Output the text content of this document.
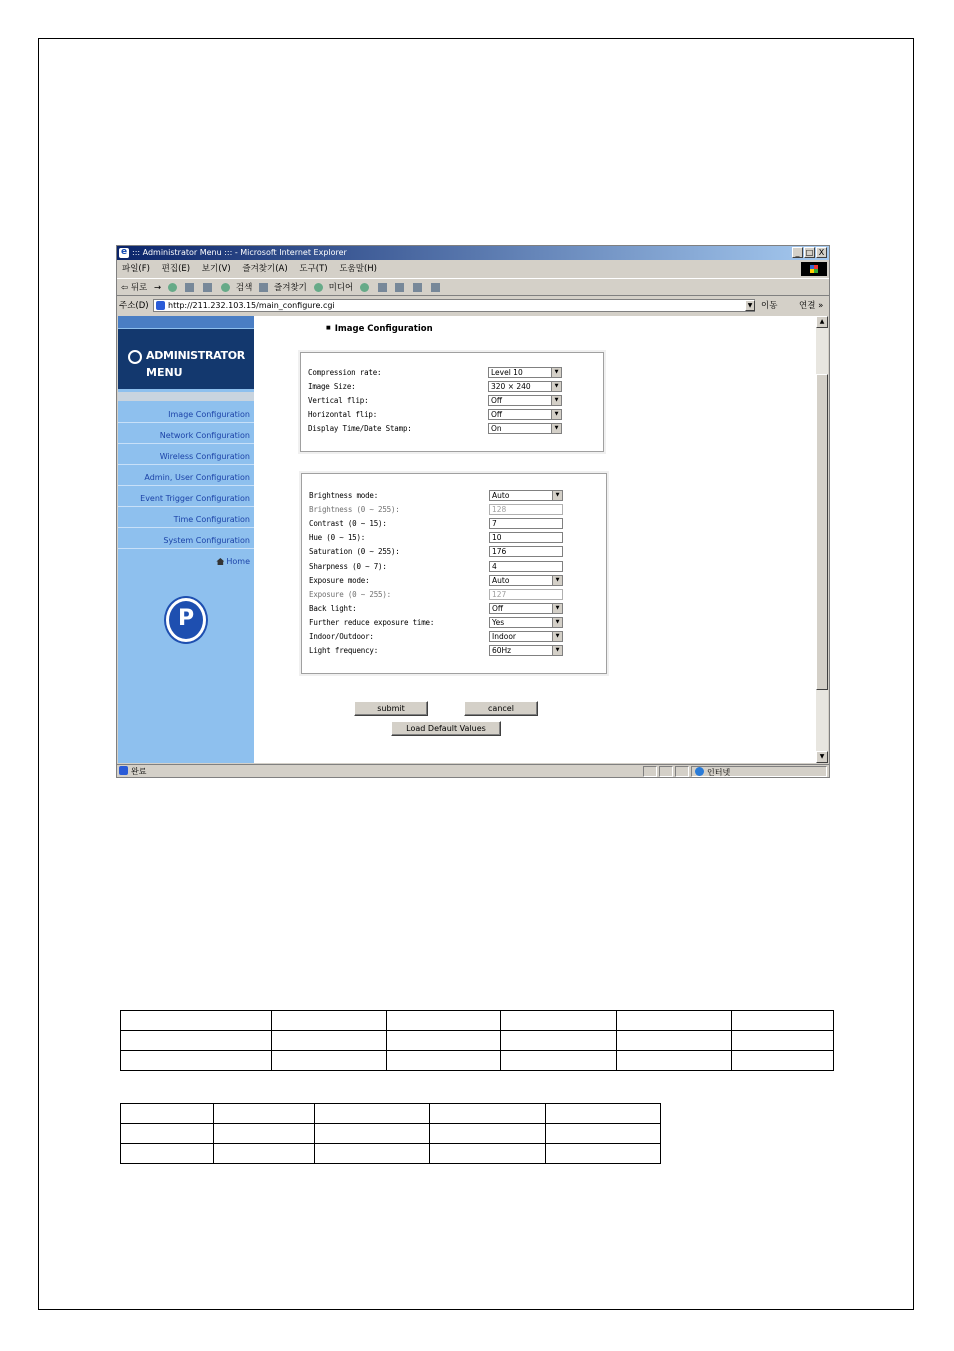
e::: Administrator Menu ::: - Microsoft Internet Explorer	_ □ X
파일(F) 편집(E) 보기(V) 즐겨찾기(A) 도구(T) 도움말(H)
⇦ 뒤로 →	검색	즐겨찾기	미디어
주소(D)	http://211.232.103.15/main_configure.cgi	▼	이동	연결 »
ADMINISTRATOR
MENU
Image Configuration
Network Configuration
Wireless Configuration
Admin, User Configuration
Event Trigger Configuration
Time Configuration
System Configuration
Home
P
■ Image Configuration
Compression rate:	Level 10	▼
Image Size:	320 × 240	▼
Vertical flip:	Off	▼
Horizontal flip:	Off	▼
Display Time/Date Stamp:	On	▼
Brightness mode:	Auto	▼
Brightness (0 ~ 255):	128
Contrast (0 ~ 15):	7
Hue (0 ~ 15):	10
Saturation (0 ~ 255):	176
Sharpness (0 ~ 7):	4
Exposure mode:	Auto	▼
Exposure (0 ~ 255):	127
Back light:	Off	▼
Further reduce exposure time:	Yes	▼
Indoor/Outdoor:	Indoor	▼
Light frequency:	60Hz	▼
submit	cancel
Load Default Values
▲
▼
완료	인터넷
